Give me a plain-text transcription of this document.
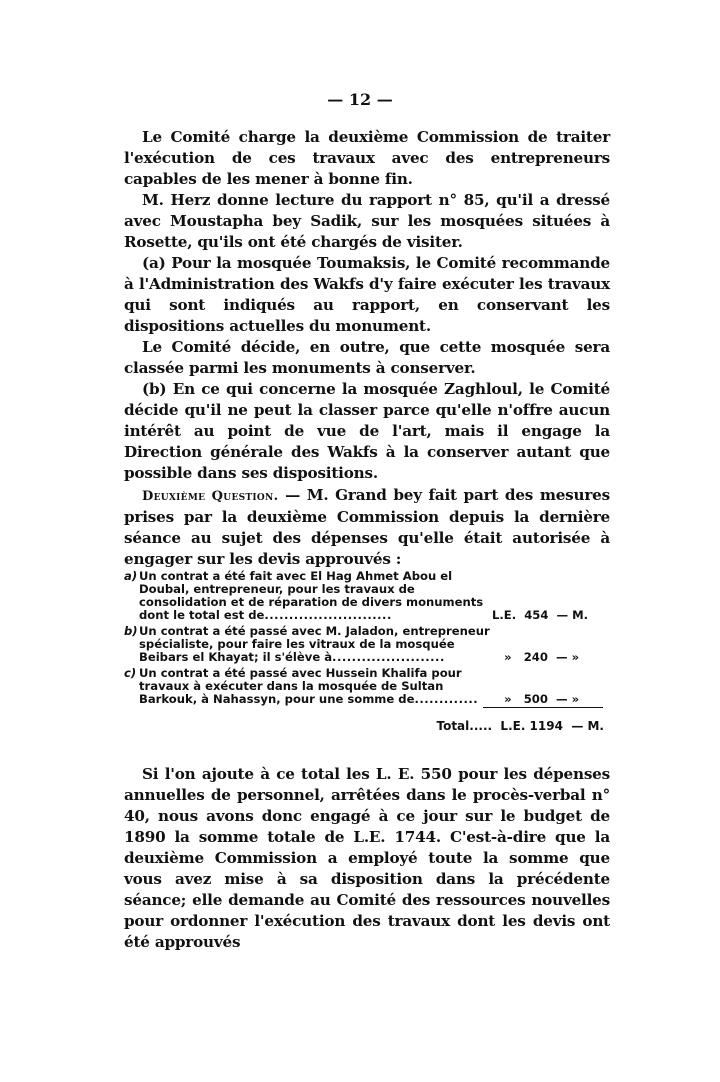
— 12 —

Le Comité charge la deuxième Commission de traiter l'exécution de ces travaux avec des entrepreneurs capables de les mener à bonne fin.

M. Herz donne lecture du rapport n° 85, qu'il a dressé avec Moustapha bey Sadik, sur les mosquées situées à Rosette, qu'ils ont été chargés de visiter.

(a) Pour la mosquée Toumaksis, le Comité recommande à l'Administration des Wakfs d'y faire exécuter les travaux qui sont indiqués au rapport, en conservant les dispositions actuelles du monument.

Le Comité décide, en outre, que cette mosquée sera classée parmi les monuments à conserver.

(b) En ce qui concerne la mosquée Zaghloul, le Comité décide qu'il ne peut la classer parce qu'elle n'offre aucun intérêt au point de vue de l'art, mais il engage la Direction générale des Wakfs à la conserver autant que possible dans ses dispositions.

Deuxième Question. — M. Grand bey fait part des mesures prises par la deuxième Commission depuis la dernière séance au sujet des dépenses qu'elle était autorisée à engager sur les devis approuvés :

a) Un contrat a été fait avec El Hag Ahmet Abou el Doubal, entrepreneur, pour les travaux de consolidation et de réparation de divers monuments dont le total est de..........................	L.E.  454  — M.
b) Un contrat a été passé avec M. Jaladon, entrepreneur spécialiste, pour faire les vitraux de la mosquée Beibars el Khayat; il s'élève à.......................	»   240  — »
c) Un contrat a été passé avec Hussein Khalifa pour travaux à exécuter dans la mosquée de Sultan Barkouk, à Nahassyn, pour une somme de.............	»   500  — »
Total..... L.E. 1194  — M.

Si l'on ajoute à ce total les L. E. 550 pour les dépenses annuelles de personnel, arrêtées dans le procès-verbal n° 40, nous avons donc engagé à ce jour sur le budget de 1890 la somme totale de L.E. 1744. C'est-à-dire que la deuxième Commission a employé toute la somme que vous avez mise à sa disposition dans la précédente séance; elle demande au Comité des ressources nouvelles pour ordonner l'exécution des travaux dont les devis ont été approuvés
